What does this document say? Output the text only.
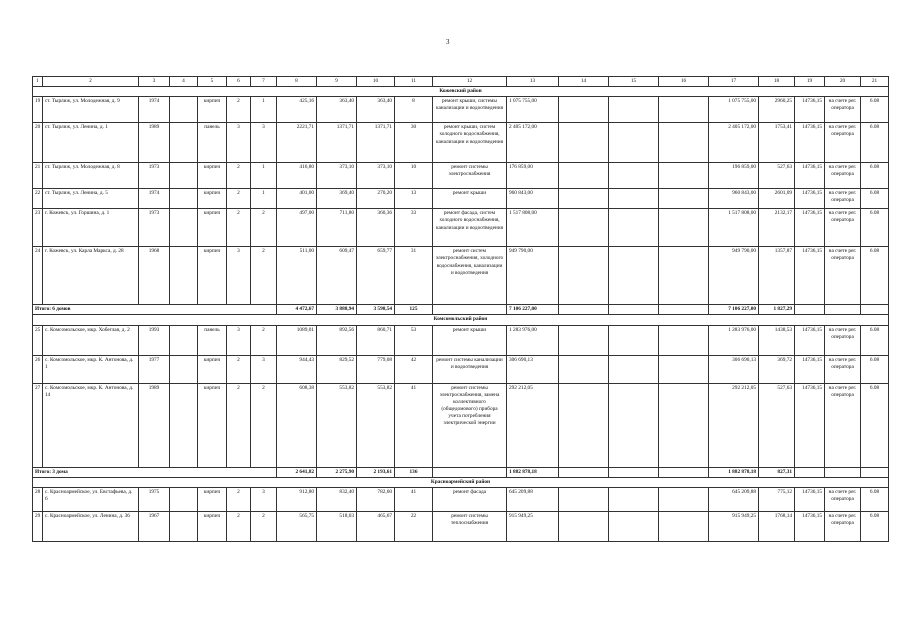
3
1	2	3	4	5	6	7	8	9	10	11	12	13	14	15	16	17	18	19	20	21
Кожевский район																				
19	ст. Тырлиж, ул. Молодежная, д. 9	1974		кирпич	2	1	425,16	363,40	363,40	8	ремонт крыши, системы канализации и водоотведения	1 075 755,00				1 075 755,00	2960,25	14736,15	на счете рег. оператора	6.08
20	ст. Тырлиж, ул. Ленина, д. 1	1989		панель	3	3	2221,71	1371,71	1371,71	30	ремонт крыши, систем холодного водоснабжения, канализации и водоотведения	2 405 172,00				2 405 172,00	1753,41	14736,15	на счете рег. оператора	6.08
21	ст. Тырлиж, ул. Молодежная, д. 8	1973		кирпич	2	1	416,80	373,10	373,10	10	ремонт системы электроснабжения	176 859,00				196 859,00	527,63	14736,15	на счете рег. оператора	6.08
22	ст. Тырлиж, ул. Ленина, д. 5	1974		кирпич	2	1	401,00	369,40	270,20	13	ремонт крыши	960 843,00				960 843,00	2601,09	14736,15	на счете рег. оператора	6.08
23	г. Кожевск, ул. Горшина, д. 1	1973		кирпич	2	2	497,00	711,80	360,36	33	ремонт фасада, систем холодного водоснабжения, канализации и водоотведения	1 517 808,00				1 517 808,00	2132,17	14736,15	на счете рег. оператора	6.08
24	г. Кожевск, ул. Карла Маркса, д. 28	1968		кирпич	3	2	511,00	609,47	659,77	31	ремонт систем электроснабжения, холодного водоснабжения, канализации и водоотведения	949 790,00				949 790,00	1357,87	14736,15	на счете рег. оператора	6.08
Итого: 6 домов							4 472,67	3 888,94	3 598,54	125		7 106 227,00				7 106 227,00	1 827,29			
Комсомольский район																				
25	с. Комсомольское, мкр. Хобеглая, д. 2	1993		панель	3	2	1089,01	892,56	860,71	53	ремонт крыши	1 283 976,00				1 283 976,00	1438,53	14736,15	на счете рег. оператора	6.08
26	с. Комсомольское, мкр. К. Антонова, д. 1	1977		кирпич	2	3	944,43	829,52	779,08	42	ремонт системы канализации и водоотведения	306 690,13				306 690,13	369,72	14736,15	на счете рег. оператора	6.08
27	с. Комсомольское, мкр. К. Антонова, д. 14	1989		кирпич	2	2	608,38	553,82	553,82	41	ремонт системы электроснабжения, замена коллективного (общедомового) прибора учета потребления электрической энергии	292 212,05				292 212,05	527,63	14736,15	на счете рег. оператора	6.08
Итого: 3 дома							2 641,82	2 275,90	2 193,61	136		1 882 878,18				1 882 878,18	827,31			
Красноармейский район																				
28	с. Красноармейское, ул. Евстафьева, д. 6	1975		кирпич	2	3	912,80	832,40	782,60	41	ремонт фасада	645 209,88				645 209,88	775,12	14736,15	на счете рег. оператора	6.08
29	с. Красноармейское, ул. Ленина, д. 36	1967		кирпич	2	2	565,75	518,03	465,67	22	ремонт системы теплоснабжения	915 949,25				915 949,25	1768,14	14736,15	на счете рег. оператора	6.08
